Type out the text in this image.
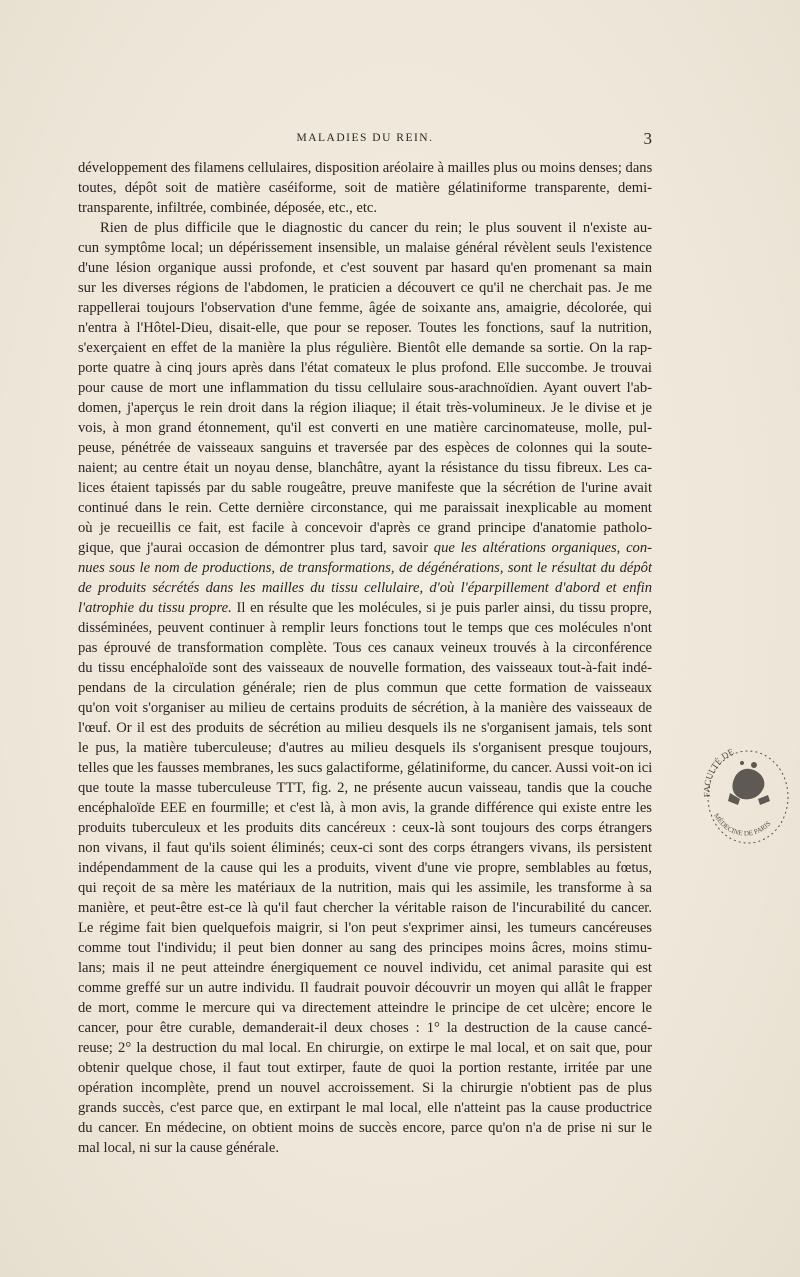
MALADIES DU REIN.	3

développement des filamens cellulaires, disposition aréolaire à mailles plus ou moins denses; dans
toutes, dépôt soit de matière caséiforme, soit de matière gélatiniforme transparente, demi-
transparente, infiltrée, combinée, déposée, etc., etc.

Rien de plus difficile que le diagnostic du cancer du rein; le plus souvent il n'existe au-
cun symptôme local; un dépérissement insensible, un malaise général révèlent seuls l'existence
d'une lésion organique aussi profonde, et c'est souvent par hasard qu'en promenant sa main
sur les diverses régions de l'abdomen, le praticien a découvert ce qu'il ne cherchait pas. Je me
rappellerai toujours l'observation d'une femme, âgée de soixante ans, amaigrie, décolorée, qui
n'entra à l'Hôtel-Dieu, disait-elle, que pour se reposer. Toutes les fonctions, sauf la nutrition,
s'exerçaient en effet de la manière la plus régulière. Bientôt elle demande sa sortie. On la rap-
porte quatre à cinq jours après dans l'état comateux le plus profond. Elle succombe. Je trouvai
pour cause de mort une inflammation du tissu cellulaire sous-arachnoïdien. Ayant ouvert l'ab-
domen, j'aperçus le rein droit dans la région iliaque; il était très-volumineux. Je le divise et je
vois, à mon grand étonnement, qu'il est converti en une matière carcinomateuse, molle, pul-
peuse, pénétrée de vaisseaux sanguins et traversée par des espèces de colonnes qui la soute-
naient; au centre était un noyau dense, blanchâtre, ayant la résistance du tissu fibreux. Les ca-
lices étaient tapissés par du sable rougeâtre, preuve manifeste que la sécrétion de l'urine avait
continué dans le rein. Cette dernière circonstance, qui me paraissait inexplicable au moment
où je recueillis ce fait, est facile à concevoir d'après ce grand principe d'anatomie patholo-
gique, que j'aurai occasion de démontrer plus tard, savoir que les altérations organiques, con-
nues sous le nom de productions, de transformations, de dégénérations, sont le résultat du dépôt
de produits sécrétés dans les mailles du tissu cellulaire, d'où l'éparpillement d'abord et enfin
l'atrophie du tissu propre. Il en résulte que les molécules, si je puis parler ainsi, du tissu propre,
disséminées, peuvent continuer à remplir leurs fonctions tout le temps que ces molécules n'ont
pas éprouvé de transformation complète. Tous ces canaux veineux trouvés à la circonférence
du tissu encéphaloïde sont des vaisseaux de nouvelle formation, des vaisseaux tout-à-fait indé-
pendans de la circulation générale; rien de plus commun que cette formation de vaisseaux
qu'on voit s'organiser au milieu de certains produits de sécrétion, à la manière des vaisseaux de
l'œuf. Or il est des produits de sécrétion au milieu desquels ils ne s'organisent jamais, tels sont
le pus, la matière tuberculeuse; d'autres au milieu desquels ils s'organisent presque toujours,
telles que les fausses membranes, les sucs galactiforme, gélatiniforme, du cancer. Aussi voit-on ici
que toute la masse tuberculeuse TTT, fig. 2, ne présente aucun vaisseau, tandis que la couche
encéphaloïde EEE en fourmille; et c'est là, à mon avis, la grande différence qui existe entre les
produits tuberculeux et les produits dits cancéreux : ceux-là sont toujours des corps étrangers
non vivans, il faut qu'ils soient éliminés; ceux-ci sont des corps étrangers vivans, ils persistent
indépendamment de la cause qui les a produits, vivent d'une vie propre, semblables au fœtus,
qui reçoit de sa mère les matériaux de la nutrition, mais qui les assimile, les transforme à sa
manière, et peut-être est-ce là qu'il faut chercher la véritable raison de l'incurabilité du cancer.
Le régime fait bien quelquefois maigrir, si l'on peut s'exprimer ainsi, les tumeurs cancéreuses
comme tout l'individu; il peut bien donner au sang des principes moins âcres, moins stimu-
lans; mais il ne peut atteindre énergiquement ce nouvel individu, cet animal parasite qui est
comme greffé sur un autre individu. Il faudrait pouvoir découvrir un moyen qui allât le frapper
de mort, comme le mercure qui va directement atteindre le principe de cet ulcère; encore le
cancer, pour être curable, demanderait-il deux choses : 1° la destruction de la cause cancé-
reuse; 2° la destruction du mal local. En chirurgie, on extirpe le mal local, et on sait que, pour
obtenir quelque chose, il faut tout extirper, faute de quoi la portion restante, irritée par une
opération incomplète, prend un nouvel accroissement. Si la chirurgie n'obtient pas de plus
grands succès, c'est parce que, en extirpant le mal local, elle n'atteint pas la cause productrice
du cancer. En médecine, on obtient moins de succès encore, parce qu'on n'a de prise ni sur le
mal local, ni sur la cause générale.

FACULTÉ DE
MÉDECINE DE PARIS
